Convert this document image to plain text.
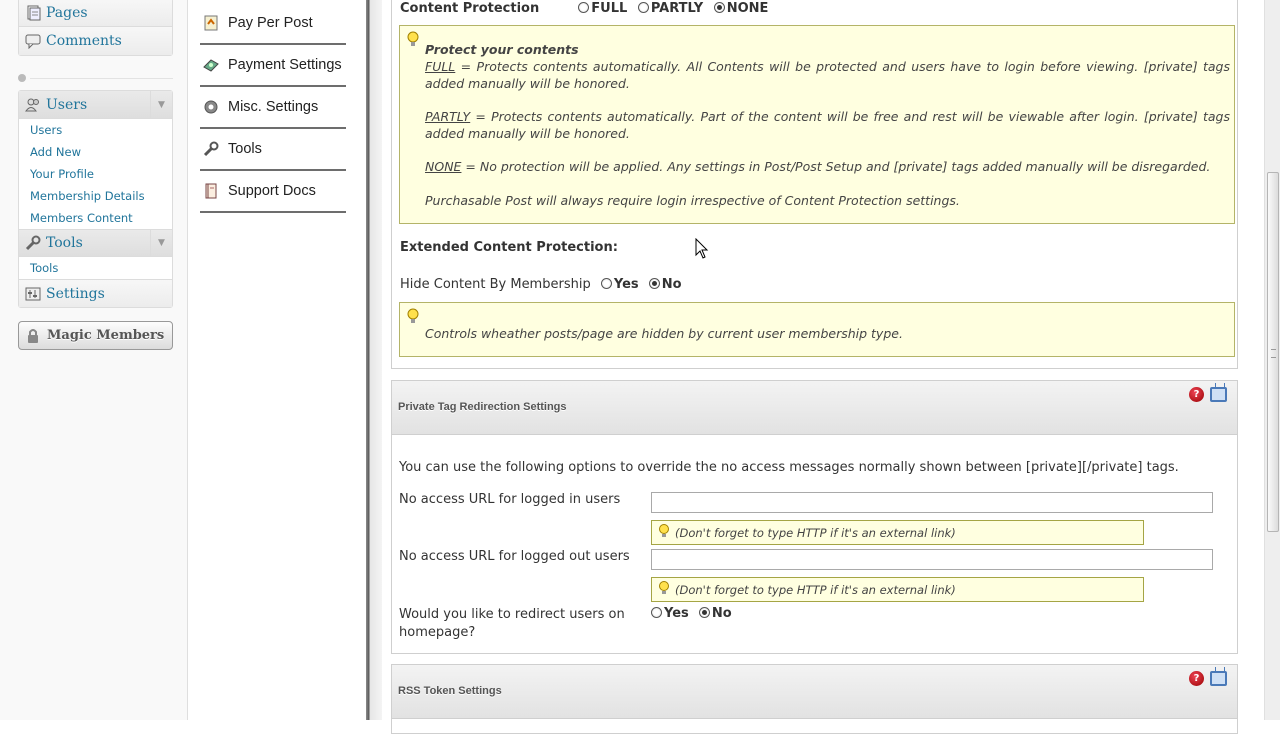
Pages
Comments
Users	▼
Users
Add New
Your Profile
Membership Details
Members Content
Tools	▼
Tools
Settings
Magic Members
Pay Per Post
Payment Settings
Misc. Settings
Tools
Support Docs
Content Protection	FULL PARTLY NONE

Protect your contents

FULL = Protects contents automatically. All Contents will be protected and users have to login before viewing. [private] tags added manually will be honored.

PARTLY = Protects contents automatically. Part of the content will be free and rest will be viewable after login. [private] tags added manually will be honored.

NONE = No protection will be applied. Any settings in Post/Post Setup and [private] tags added manually will be disregarded.

Purchasable Post will always require login irrespective of Content Protection settings.

Extended Content Protection:
Hide Content By Membership Yes No

Controls wheather posts/page are hidden by current user membership type.

Private Tag Redirection Settings
?
You can use the following options to override the no access messages normally shown between [private][/private] tags.
No access URL for logged in users
(Don't forget to type HTTP if it's an external link)
No access URL for logged out users
(Don't forget to type HTTP if it's an external link)
Would you like to redirect users on
homepage?
Yes No
RSS Token Settings
?
